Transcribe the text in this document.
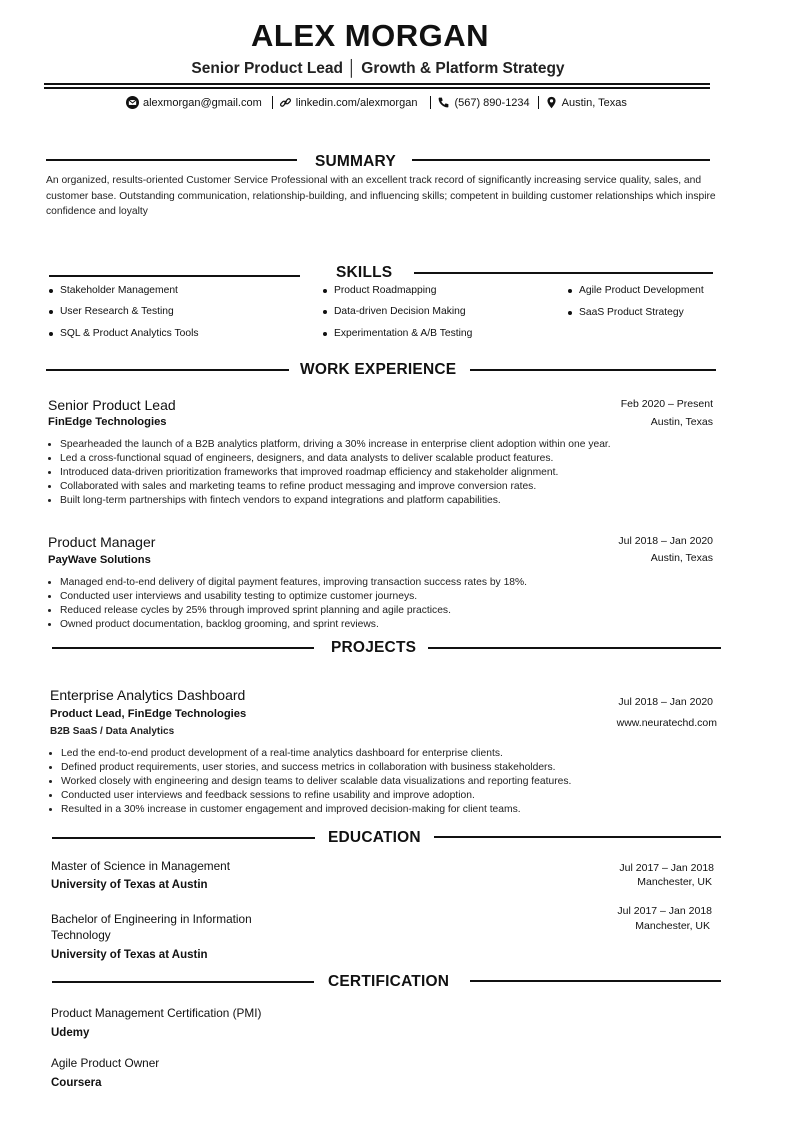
ALEX MORGAN
Senior Product Lead │ Growth & Platform Strategy
alexmorgan@gmail.com	linkedin.com/alexmorgan	(567) 890-1234	Austin, Texas
SUMMARY
An organized, results-oriented Customer Service Professional with an excellent track record of significantly increasing service quality, sales, and customer base. Outstanding communication, relationship-building, and influencing skills; competent in building customer relationships which inspire confidence and loyalty
SKILLS
Stakeholder Management
User Research & Testing
SQL & Product Analytics Tools
Product Roadmapping
Data-driven Decision Making
Experimentation & A/B Testing
Agile Product Development
SaaS Product Strategy
WORK EXPERIENCE
Senior Product Lead
FinEdge Technologies
Feb 2020 – Present
Austin, Texas
• Spearheaded the launch of a B2B analytics platform, driving a 30% increase in enterprise client adoption within one year.
• Led a cross-functional squad of engineers, designers, and data analysts to deliver scalable product features.
• Introduced data-driven prioritization frameworks that improved roadmap efficiency and stakeholder alignment.
• Collaborated with sales and marketing teams to refine product messaging and improve conversion rates.
• Built long-term partnerships with fintech vendors to expand integrations and platform capabilities.
Product Manager
PayWave Solutions
Jul 2018 – Jan 2020
Austin, Texas
• Managed end-to-end delivery of digital payment features, improving transaction success rates by 18%.
• Conducted user interviews and usability testing to optimize customer journeys.
• Reduced release cycles by 25% through improved sprint planning and agile practices.
• Owned product documentation, backlog grooming, and sprint reviews.
PROJECTS
Enterprise Analytics Dashboard
Product Lead, FinEdge Technologies
B2B SaaS / Data Analytics
Jul 2018 – Jan 2020
www.neuratechd.com
• Led the end-to-end product development of a real-time analytics dashboard for enterprise clients.
• Defined product requirements, user stories, and success metrics in collaboration with business stakeholders.
• Worked closely with engineering and design teams to deliver scalable data visualizations and reporting features.
• Conducted user interviews and feedback sessions to refine usability and improve adoption.
• Resulted in a 30% increase in customer engagement and improved decision-making for client teams.
EDUCATION
Master of Science in Management
University of Texas at Austin
Jul 2017 – Jan 2018
Manchester, UK
Bachelor of Engineering in Information Technology
University of Texas at Austin
Jul 2017 – Jan 2018
Manchester, UK
CERTIFICATION
Product Management Certification (PMI)
Udemy
Agile Product Owner
Coursera
